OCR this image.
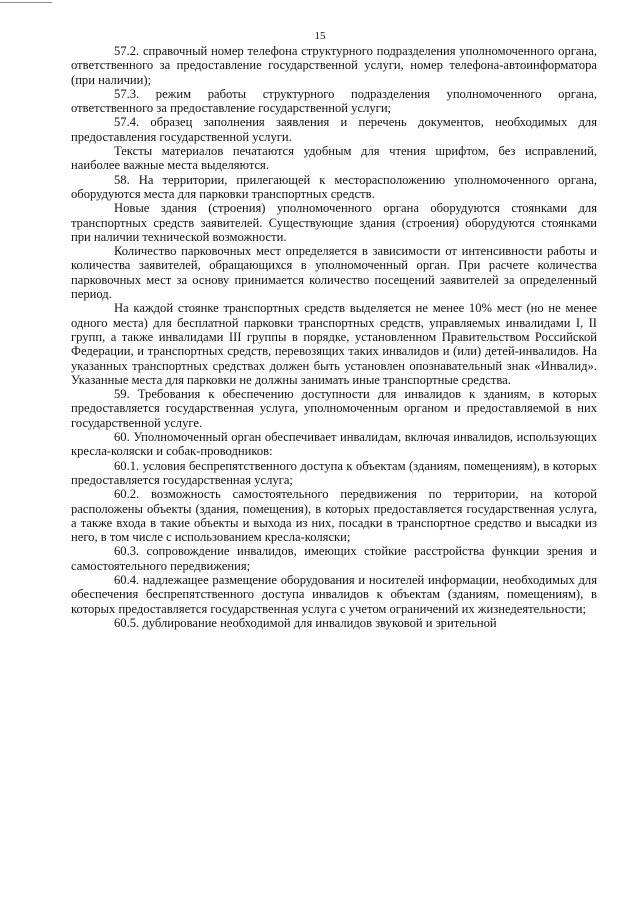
15

57.2. справочный номер телефона структурного подразделения уполномоченного органа, ответственного за предоставление государственной услуги, номер телефона-автоинформатора (при наличии);

57.3. режим работы структурного подразделения уполномоченного органа, ответственного за предоставление государственной услуги;

57.4. образец заполнения заявления и перечень документов, необходимых для предоставления государственной услуги.

Тексты материалов печатаются удобным для чтения шрифтом, без исправлений, наиболее важные места выделяются.

58. На территории, прилегающей к месторасположению уполномоченного органа, оборудуются места для парковки транспортных средств.

Новые здания (строения) уполномоченного органа оборудуются стоянками для транспортных средств заявителей. Существующие здания (строения) оборудуются стоянками при наличии технической возможности.

Количество парковочных мест определяется в зависимости от интенсивности работы и количества заявителей, обращающихся в уполномоченный орган. При расчете количества парковочных мест за основу принимается количество посещений заявителей за определенный период.

На каждой стоянке транспортных средств выделяется не менее 10% мест (но не менее одного места) для бесплатной парковки транспортных средств, управляемых инвалидами I, II групп, а также инвалидами III группы в порядке, установленном Правительством Российской Федерации, и транспортных средств, перевозящих таких инвалидов и (или) детей-инвалидов. На указанных транспортных средствах должен быть установлен опознавательный знак «Инвалид». Указанные места для парковки не должны занимать иные транспортные средства.

59. Требования к обеспечению доступности для инвалидов к зданиям, в которых предоставляется государственная услуга, уполномоченным органом и предоставляемой в них государственной услуге.

60. Уполномоченный орган обеспечивает инвалидам, включая инвалидов, использующих кресла-коляски и собак-проводников:

60.1. условия беспрепятственного доступа к объектам (зданиям, помещениям), в которых предоставляется государственная услуга;

60.2. возможность самостоятельного передвижения по территории, на которой расположены объекты (здания, помещения), в которых предоставляется государственная услуга, а также входа в такие объекты и выхода из них, посадки в транспортное средство и высадки из него, в том числе с использованием кресла-коляски;

60.3. сопровождение инвалидов, имеющих стойкие расстройства функции зрения и самостоятельного передвижения;

60.4. надлежащее размещение оборудования и носителей информации, необходимых для обеспечения беспрепятственного доступа инвалидов к объектам (зданиям, помещениям), в которых предоставляется государственная услуга с учетом ограничений их жизнедеятельности;

60.5. дублирование необходимой для инвалидов звуковой и зрительной
